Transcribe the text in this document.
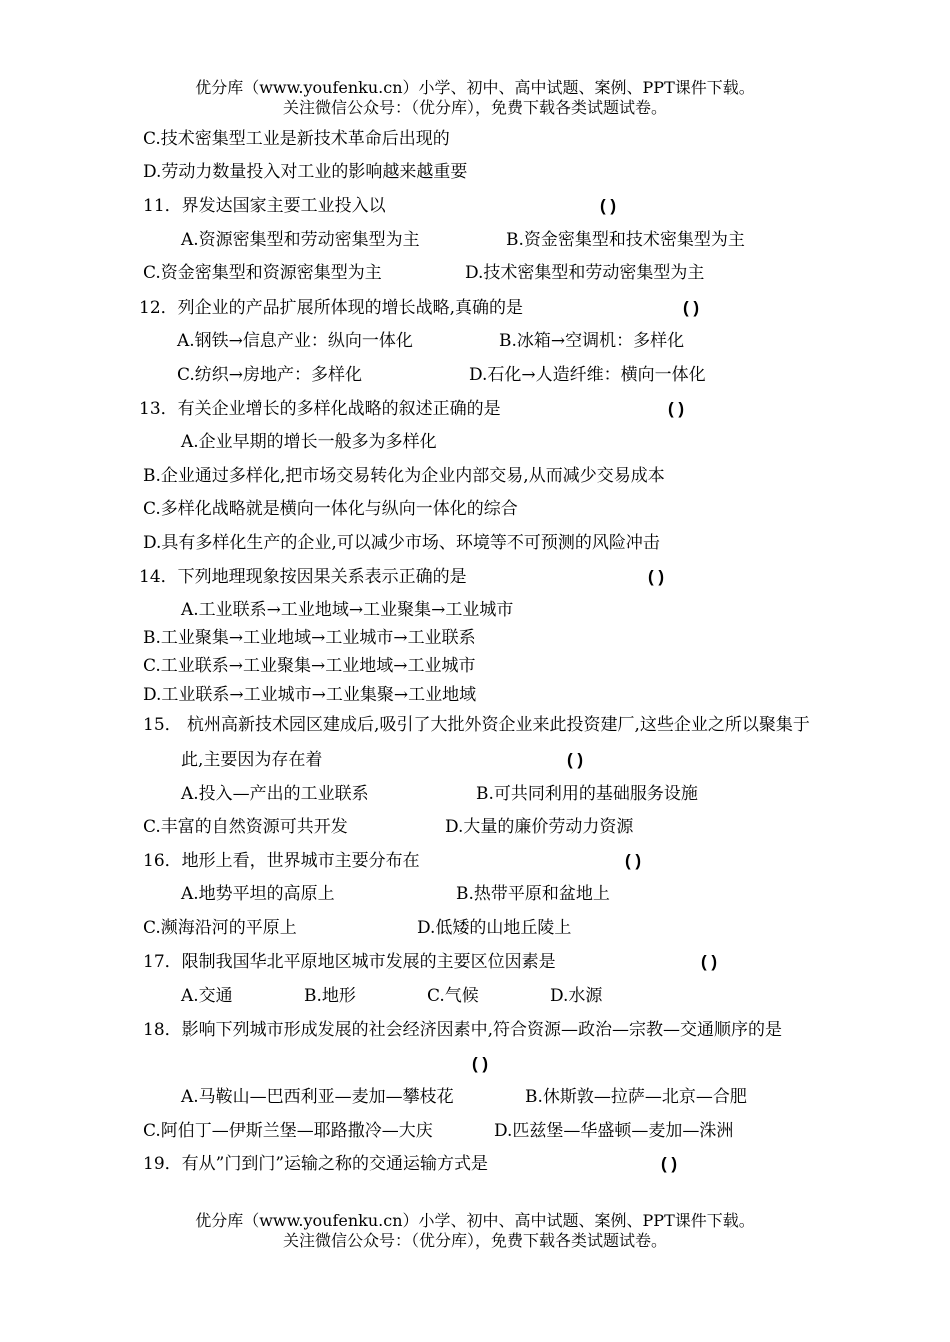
优分库（www.youfenku.cn）小学、初中、高中试题、案例、PPT课件下载。
关注微信公众号：（优分库），免费下载各类试题试卷。
C.技术密集型工业是新技术革命后出现的
D.劳动力数量投入对工业的影响越来越重要
11．界发达国家主要工业投入以	( )
A.资源密集型和劳动密集型为主	B.资金密集型和技术密集型为主
C.资金密集型和资源密集型为主	D.技术密集型和劳动密集型为主
12．列企业的产品扩展所体现的增长战略,真确的是	( )
A.钢铁→信息产业：纵向一体化	B.冰箱→空调机：多样化
C.纺织→房地产：多样化	D.石化→人造纤维：横向一体化
13．有关企业增长的多样化战略的叙述正确的是	( )
A.企业早期的增长一般多为多样化
B.企业通过多样化,把市场交易转化为企业内部交易,从而减少交易成本
C.多样化战略就是横向一体化与纵向一体化的综合
D.具有多样化生产的企业,可以减少市场、环境等不可预测的风险冲击
14．下列地理现象按因果关系表示正确的是	( )
A.工业联系→工业地域→工业聚集→工业城市
B.工业聚集→工业地域→工业城市→工业联系
C.工业联系→工业聚集→工业地域→工业城市
D.工业联系→工业城市→工业集聚→工业地域
15． 杭州高新技术园区建成后,吸引了大批外资企业来此投资建厂,这些企业之所以聚集于
此,主要因为存在着	( )
A.投入—产出的工业联系	B.可共同利用的基础服务设施
C.丰富的自然资源可共开发	D.大量的廉价劳动力资源
16．地形上看，世界城市主要分布在	( )
A.地势平坦的高原上	B.热带平原和盆地上
C.濒海沿河的平原上	D.低矮的山地丘陵上
17．限制我国华北平原地区城市发展的主要区位因素是	( )
A.交通	B.地形	C.气候	D.水源
18．影响下列城市形成发展的社会经济因素中,符合资源—政治—宗教—交通顺序的是
( )
A.马鞍山—巴西利亚—麦加—攀枝花	B.休斯敦—拉萨—北京—合肥
C.阿伯丁—伊斯兰堡—耶路撒冷—大庆	D.匹兹堡—华盛顿—麦加—洙洲
19．有从”门到门”运输之称的交通运输方式是	( )
优分库（www.youfenku.cn）小学、初中、高中试题、案例、PPT课件下载。
关注微信公众号：（优分库），免费下载各类试题试卷。
